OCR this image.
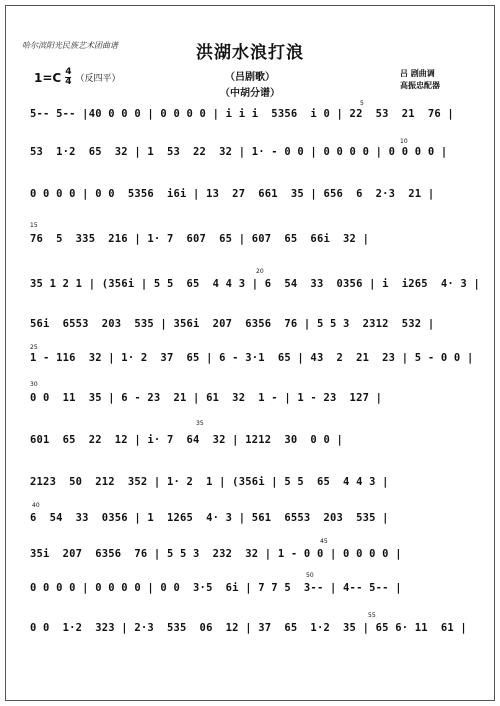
哈尔滨阳光民族艺术团曲谱	洪湖水浪打浪
1=C 4
4 （反四平）	（吕剧歌）
（中胡分谱）
吕 剧曲调
高振忠配器
5-- 5-- |40 0 0 0 | 0 0 0 0 | i i i  5356  i 0 | 22  53  21  76 |
5
53  1·2  65  32 | 1  53  22  32 | 1· - 0 0 | 0 0 0 0 | 0 0 0 0 |
10
0 0 0 0 | 0 0  5356  i6i | 13  27  661  35 | 656  6  2·3  21 |
76  5  335  216 | 1· 7  607  65 | 607  65  66i  32 |
15
35 1 2 1 | (356i | 5 5  65  4 4 3 | 6  54  33  0356 | i  i265  4· 3 |
20
56i  6553  203  535 | 356i  207  6356  76 | 5 5 3  2312  532 |
1 - 116  32 | 1· 2  37  65 | 6 - 3·1  65 | 43  2  21  23 | 5 - 0 0 |
25
0 0  11  35 | 6 - 23  21 | 61  32  1 - | 1 - 23  127 |
30
601  65  22  12 | i· 7  64  32 | 1212  30  0 0 |
35
2123  50  212  352 | 1· 2  1 | (356i | 5 5  65  4 4 3 |
6  54  33  0356 | 1  1265  4· 3 | 561  6553  203  535 |
40
35i  207  6356  76 | 5 5 3  232  32 | 1 - 0 0 | 0 0 0 0 |
45
0 0 0 0 | 0 0 0 0 | 0 0  3·5  6i | 7 7 5  3-- | 4-- 5-- |
50
0 0  1·2  323 | 2·3  535  06  12 | 37  65  1·2  35 | 65 6· 11  61 |
55
